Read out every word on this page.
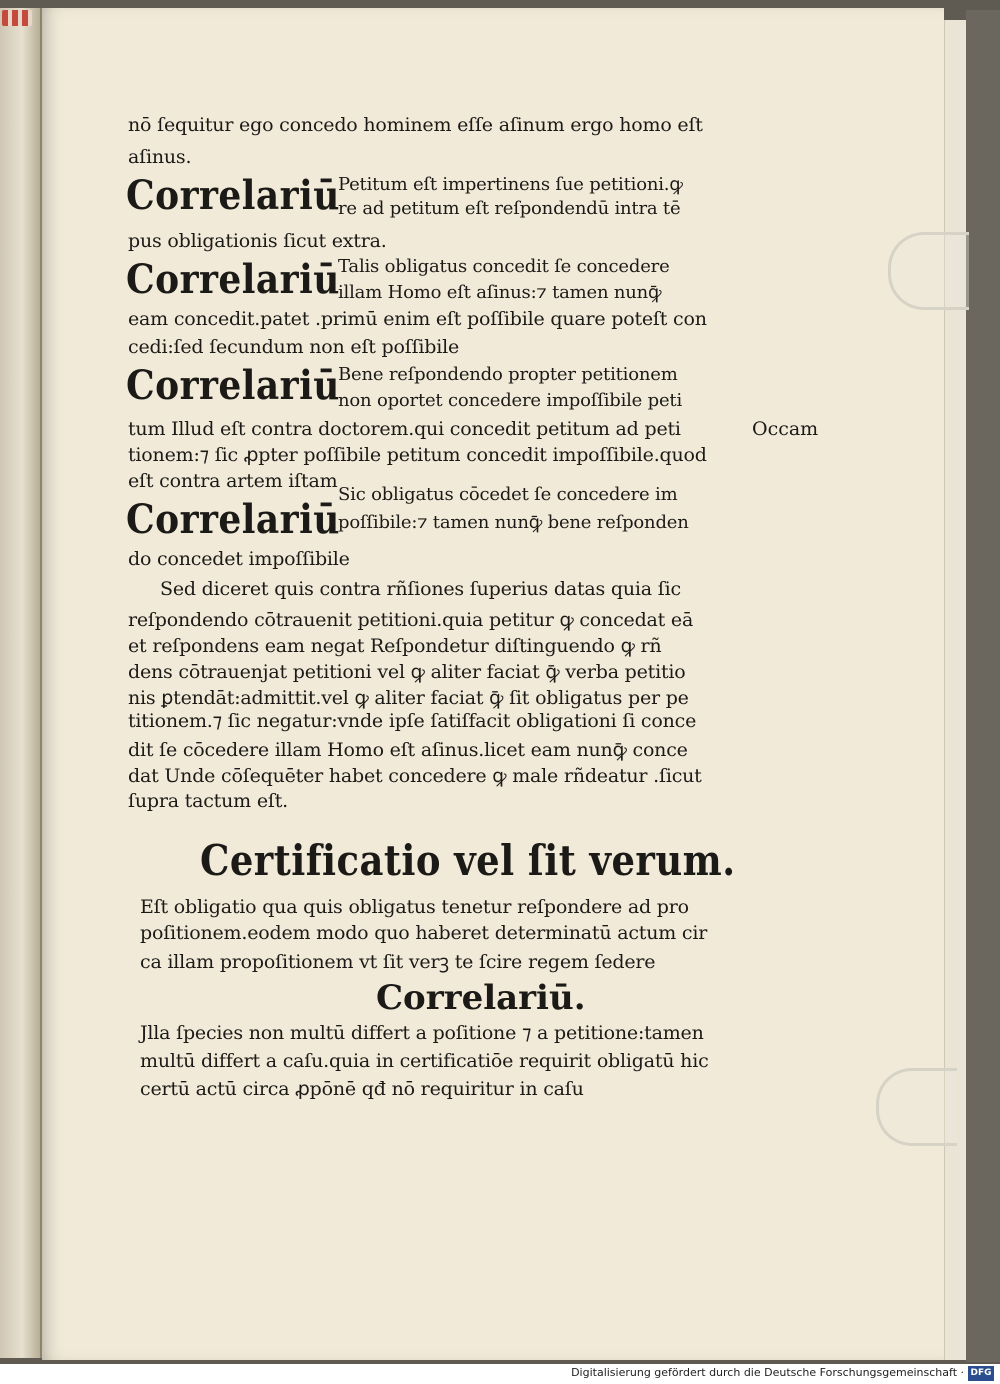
nō ſequitur ego concedo hominem eſſe aſinum ergo homo eſt
aſinus.
Correlariū
Petitum eſt impertinens ſue petitioni.ꝙ
re ad petitum eſt reſpondendū intra tē
pus obligationis ſicut extra.
Correlariū
Talis obligatus concedit ſe concedere
illam Homo eſt aſinus:⁊ tamen nunꝙ̄
eam concedit.patet .primū enim eſt poſſibile quare poteſt con
cedi:ſed ſecundum non eſt poſſibile
Correlariū
Bene reſpondendo propter petitionem
non oportet concedere impoſſibile peti
tum Illud eſt contra doctorem.qui concedit petitum ad peti	Occam
tionem:⁊ ſic ꝓpter poſſibile petitum concedit impoſſibile.quod
eſt contra artem iſtam
Correlariū
Sic obligatus cōcedet ſe concedere im
poſſibile:⁊ tamen nunꝙ̄ bene reſponden
do concedet impoſſibile
Sed diceret quis contra rñſiones ſuperius datas quia ſic
reſpondendo cōtrauenit petitioni.quia petitur ꝙ concedat eā
et reſpondens eam negat Reſpondetur diſtinguendo ꝙ rñ
dens cōtrauenjat petitioni vel ꝙ aliter faciat ꝙ̄ verba petitio
nis ꝑtendāt:admittit.vel ꝙ aliter faciat ꝙ̄ ſit obligatus per pe
titionem.⁊ ſic negatur:vnde ipſe ſatiſfacit obligationi ſi conce
dit ſe cōcedere illam Homo eſt aſinus.licet eam nunꝙ̄ conce
dat Unde cōſequēter habet concedere ꝙ male rñdeatur .ſicut
ſupra tactum eſt.
Certificatio vel ſit verum.
Eſt obligatio qua quis obligatus tenetur reſpondere ad pro
poſitionem.eodem modo quo haberet determinatū actum cir
ca illam propoſitionem vt ſit verꝫ te ſcire regem ſedere
Correlariū.
Jlla ſpecies non multū differt a poſitione ⁊ a petitione:tamen
multū differt a caſu.quia in certificatiōe requirit obligatū hic
certū actū circa ꝓpōnē qđ nō requiritur in caſu
Digitalisierung gefördert durch die Deutsche Forschungsgemeinschaft · DFG
